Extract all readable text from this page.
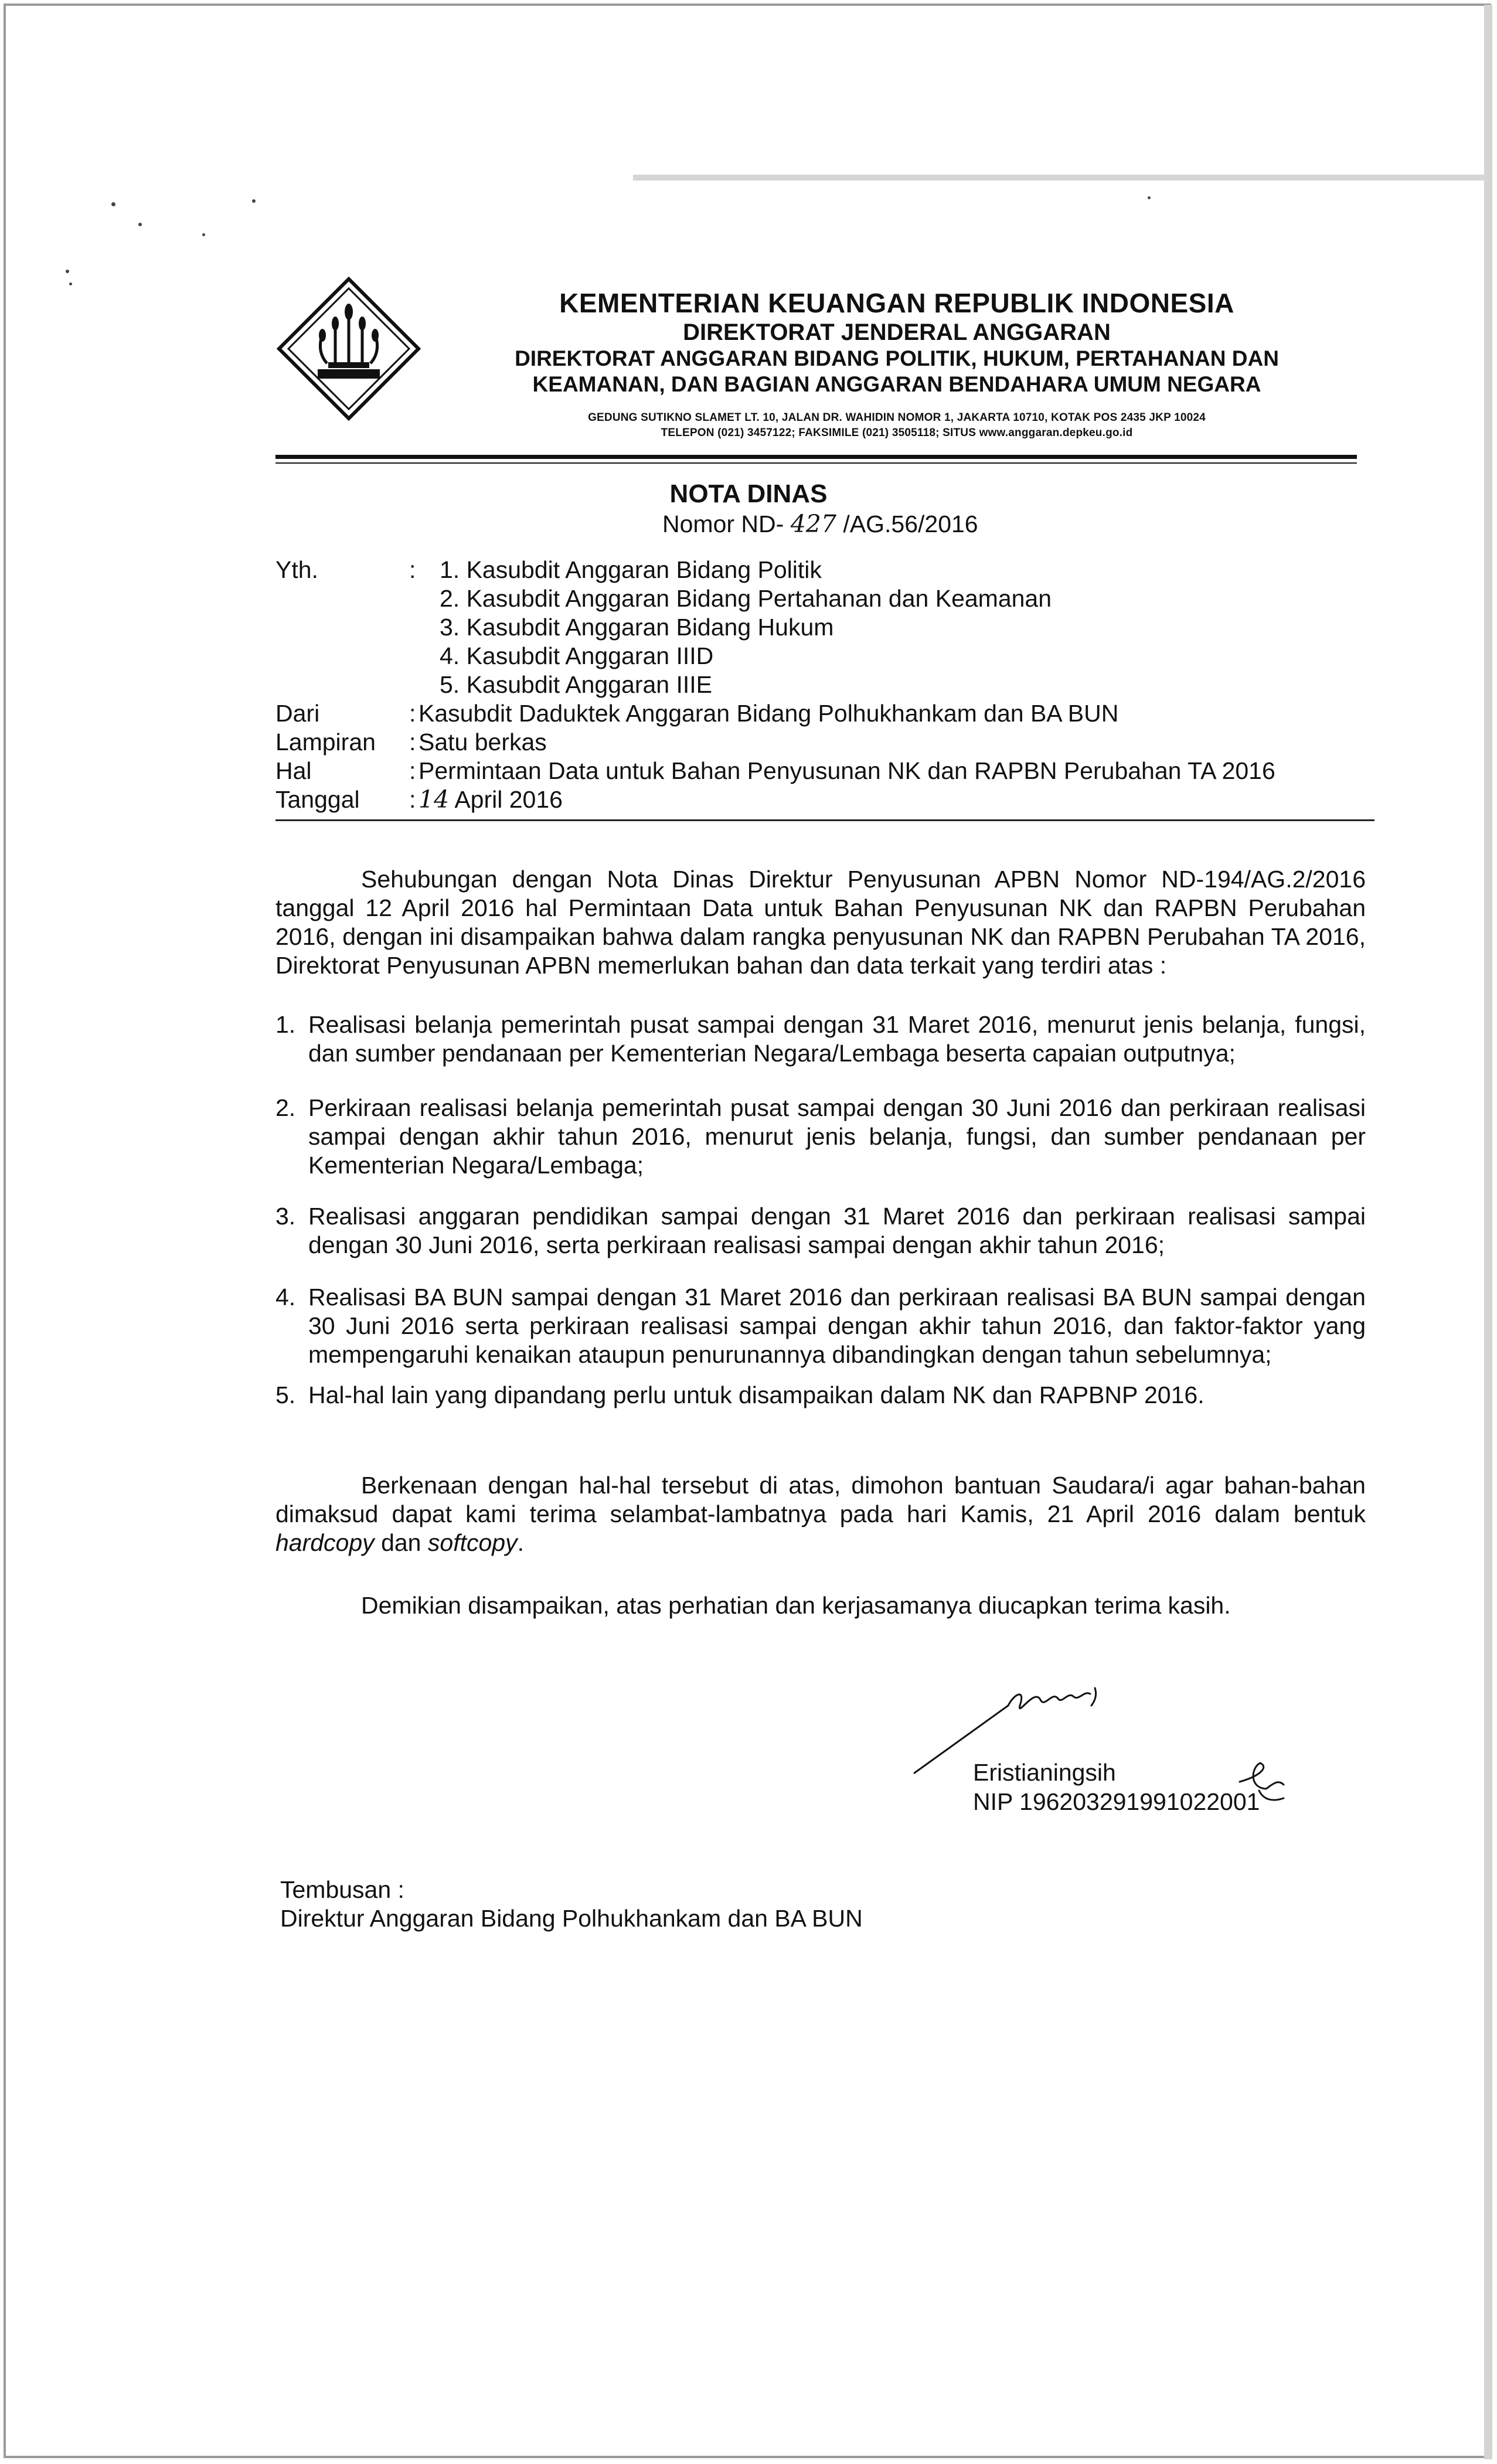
KEMENTERIAN KEUANGAN REPUBLIK INDONESIA
DIREKTORAT JENDERAL ANGGARAN
DIREKTORAT ANGGARAN BIDANG POLITIK, HUKUM, PERTAHANAN DAN
KEAMANAN, DAN BAGIAN ANGGARAN BENDAHARA UMUM NEGARA
GEDUNG SUTIKNO SLAMET LT. 10, JALAN DR. WAHIDIN NOMOR 1, JAKARTA 10710, KOTAK POS 2435 JKP 10024
TELEPON (021) 3457122; FAKSIMILE (021) 3505118; SITUS www.anggaran.depkeu.go.id
NOTA DINAS
Nomor ND- 427 /AG.56/2016
Yth.	: 1. Kasubdit Anggaran Bidang Politik
2. Kasubdit Anggaran Bidang Pertahanan dan Keamanan
3. Kasubdit Anggaran Bidang Hukum
4. Kasubdit Anggaran IIID
5. Kasubdit Anggaran IIIE
Dari	: Kasubdit Daduktek Anggaran Bidang Polhukhankam dan BA BUN
Lampiran : Satu berkas
Hal	: Permintaan Data untuk Bahan Penyusunan NK dan RAPBN Perubahan TA 2016
Tanggal : 14 April 2016
Sehubungan dengan Nota Dinas Direktur Penyusunan APBN Nomor ND-194/AG.2/2016 tanggal 12 April 2016 hal Permintaan Data untuk Bahan Penyusunan NK dan RAPBN Perubahan 2016, dengan ini disampaikan bahwa dalam rangka penyusunan NK dan RAPBN Perubahan TA 2016, Direktorat Penyusunan APBN memerlukan bahan dan data terkait yang terdiri atas :
1. Realisasi belanja pemerintah pusat sampai dengan 31 Maret 2016, menurut jenis belanja, fungsi, dan sumber pendanaan per Kementerian Negara/Lembaga beserta capaian outputnya;
2. Perkiraan realisasi belanja pemerintah pusat sampai dengan 30 Juni 2016 dan perkiraan realisasi sampai dengan akhir tahun 2016, menurut jenis belanja, fungsi, dan sumber pendanaan per Kementerian Negara/Lembaga;
3. Realisasi anggaran pendidikan sampai dengan 31 Maret 2016 dan perkiraan realisasi sampai dengan 30 Juni 2016, serta perkiraan realisasi sampai dengan akhir tahun 2016;
4. Realisasi BA BUN sampai dengan 31 Maret 2016 dan perkiraan realisasi BA BUN sampai dengan 30 Juni 2016 serta perkiraan realisasi sampai dengan akhir tahun 2016, dan faktor-faktor yang mempengaruhi kenaikan ataupun penurunannya dibandingkan dengan tahun sebelumnya;
5. Hal-hal lain yang dipandang perlu untuk disampaikan dalam NK dan RAPBNP 2016.
Berkenaan dengan hal-hal tersebut di atas, dimohon bantuan Saudara/i agar bahan-bahan dimaksud dapat kami terima selambat-lambatnya pada hari Kamis, 21 April 2016 dalam bentuk hardcopy dan softcopy.
Demikian disampaikan, atas perhatian dan kerjasamanya diucapkan terima kasih.
Eristianingsih
NIP 196203291991022001
Tembusan :
Direktur Anggaran Bidang Polhukhankam dan BA BUN
